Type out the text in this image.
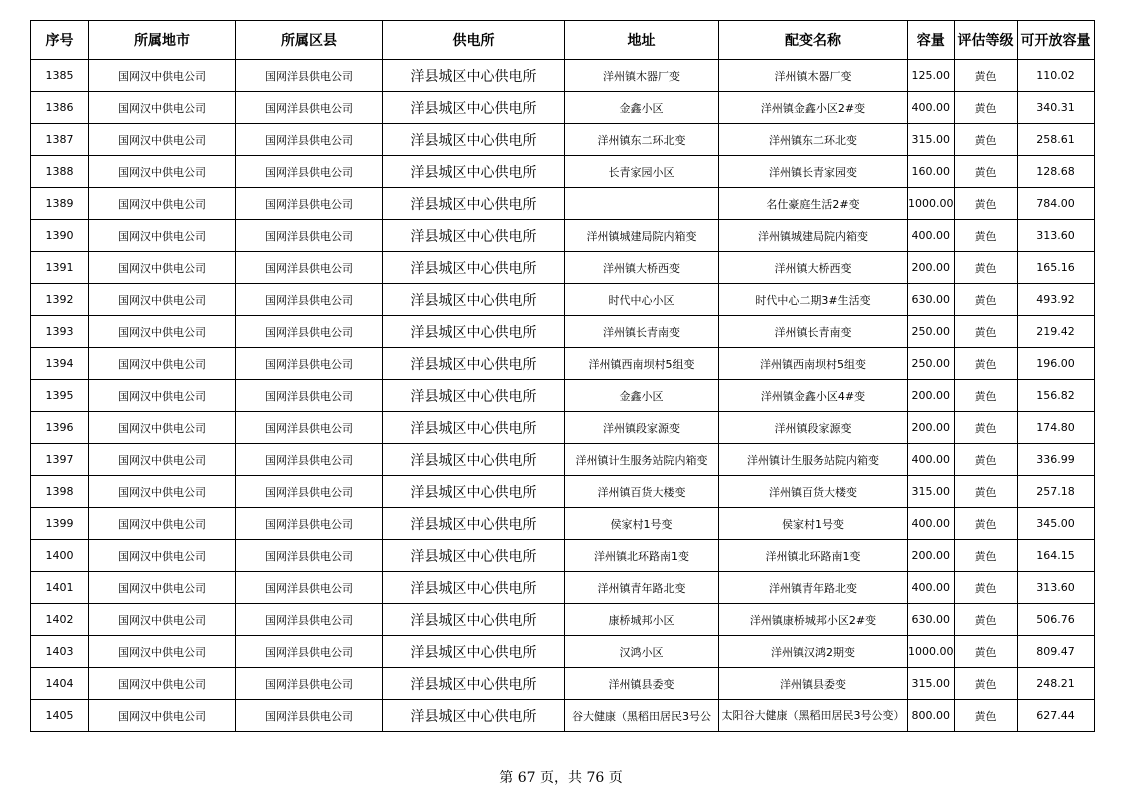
序号	所属地市	所属区县	供电所	地址	配变名称	容量	评估等级	可开放容量
1385	国网汉中供电公司	国网洋县供电公司	洋县城区中心供电所	洋州镇木器厂变	洋州镇木器厂变	125.00	黄色	110.02
1386	国网汉中供电公司	国网洋县供电公司	洋县城区中心供电所	金鑫小区	洋州镇金鑫小区2#变	400.00	黄色	340.31
1387	国网汉中供电公司	国网洋县供电公司	洋县城区中心供电所	洋州镇东二环北变	洋州镇东二环北变	315.00	黄色	258.61
1388	国网汉中供电公司	国网洋县供电公司	洋县城区中心供电所	长青家园小区	洋州镇长青家园变	160.00	黄色	128.68
1389	国网汉中供电公司	国网洋县供电公司	洋县城区中心供电所		名仕豪庭生活2#变	1000.00	黄色	784.00
1390	国网汉中供电公司	国网洋县供电公司	洋县城区中心供电所	洋州镇城建局院内箱变	洋州镇城建局院内箱变	400.00	黄色	313.60
1391	国网汉中供电公司	国网洋县供电公司	洋县城区中心供电所	洋州镇大桥西变	洋州镇大桥西变	200.00	黄色	165.16
1392	国网汉中供电公司	国网洋县供电公司	洋县城区中心供电所	时代中心小区	时代中心二期3#生活变	630.00	黄色	493.92
1393	国网汉中供电公司	国网洋县供电公司	洋县城区中心供电所	洋州镇长青南变	洋州镇长青南变	250.00	黄色	219.42
1394	国网汉中供电公司	国网洋县供电公司	洋县城区中心供电所	洋州镇西南坝村5组变	洋州镇西南坝村5组变	250.00	黄色	196.00
1395	国网汉中供电公司	国网洋县供电公司	洋县城区中心供电所	金鑫小区	洋州镇金鑫小区4#变	200.00	黄色	156.82
1396	国网汉中供电公司	国网洋县供电公司	洋县城区中心供电所	洋州镇段家源变	洋州镇段家源变	200.00	黄色	174.80
1397	国网汉中供电公司	国网洋县供电公司	洋县城区中心供电所	洋州镇计生服务站院内箱变	洋州镇计生服务站院内箱变	400.00	黄色	336.99
1398	国网汉中供电公司	国网洋县供电公司	洋县城区中心供电所	洋州镇百货大楼变	洋州镇百货大楼变	315.00	黄色	257.18
1399	国网汉中供电公司	国网洋县供电公司	洋县城区中心供电所	侯家村1号变	侯家村1号变	400.00	黄色	345.00
1400	国网汉中供电公司	国网洋县供电公司	洋县城区中心供电所	洋州镇北环路南1变	洋州镇北环路南1变	200.00	黄色	164.15
1401	国网汉中供电公司	国网洋县供电公司	洋县城区中心供电所	洋州镇青年路北变	洋州镇青年路北变	400.00	黄色	313.60
1402	国网汉中供电公司	国网洋县供电公司	洋县城区中心供电所	康桥城邦小区	洋州镇康桥城邦小区2#变	630.00	黄色	506.76
1403	国网汉中供电公司	国网洋县供电公司	洋县城区中心供电所	汉鸿小区	洋州镇汉鸿2期变	1000.00	黄色	809.47
1404	国网汉中供电公司	国网洋县供电公司	洋县城区中心供电所	洋州镇县委变	洋州镇县委变	315.00	黄色	248.21
1405	国网汉中供电公司	国网洋县供电公司	洋县城区中心供电所	谷大健康（黑稻田居民3号公	太阳谷大健康（黑稻田居民3号公变）	800.00	黄色	627.44
第 67 页，共 76 页
